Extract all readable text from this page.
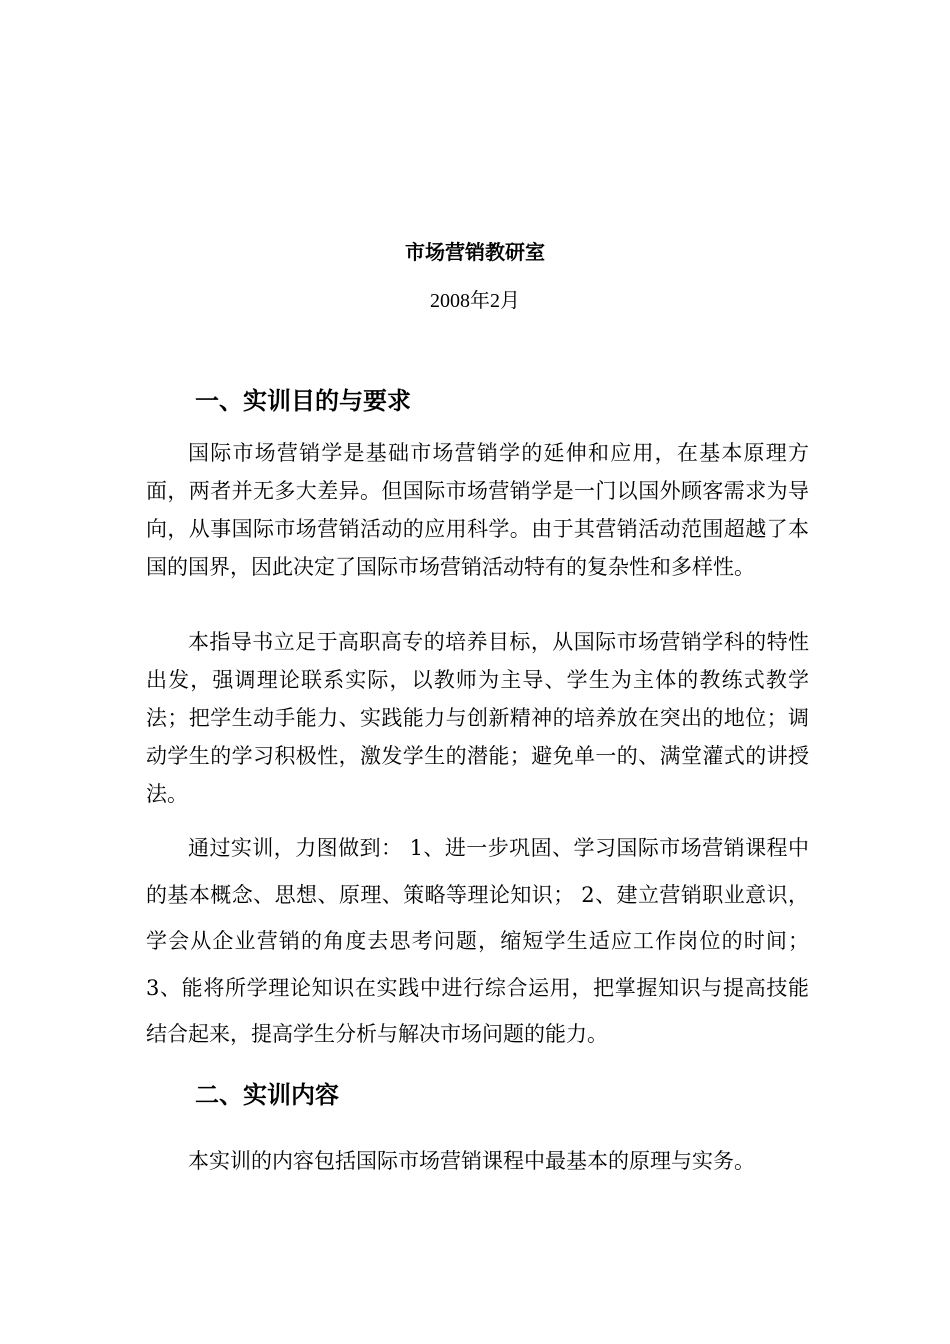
市场营销教研室
2008年2月
一、实训目的与要求

国际市场营销学是基础市场营销学的延伸和应用，在基本原理方面，两者并无多大差异。但国际市场营销学是一门以国外顾客需求为导向，从事国际市场营销活动的应用科学。由于其营销活动范围超越了本国的国界，因此决定了国际市场营销活动特有的复杂性和多样性。

本指导书立足于高职高专的培养目标，从国际市场营销学科的特性出发，强调理论联系实际，以教师为主导、学生为主体的教练式教学法；把学生动手能力、实践能力与创新精神的培养放在突出的地位；调动学生的学习积极性，激发学生的潜能；避免单一的、满堂灌式的讲授法。

通过实训，力图做到： 1、进一步巩固、学习国际市场营销课程中的基本概念、思想、原理、策略等理论知识； 2、建立营销职业意识，学会从企业营销的角度去思考问题，缩短学生适应工作岗位的时间；3、能将所学理论知识在实践中进行综合运用，把掌握知识与提高技能结合起来，提高学生分析与解决市场问题的能力。

二、实训内容

本实训的内容包括国际市场营销课程中最基本的原理与实务。
